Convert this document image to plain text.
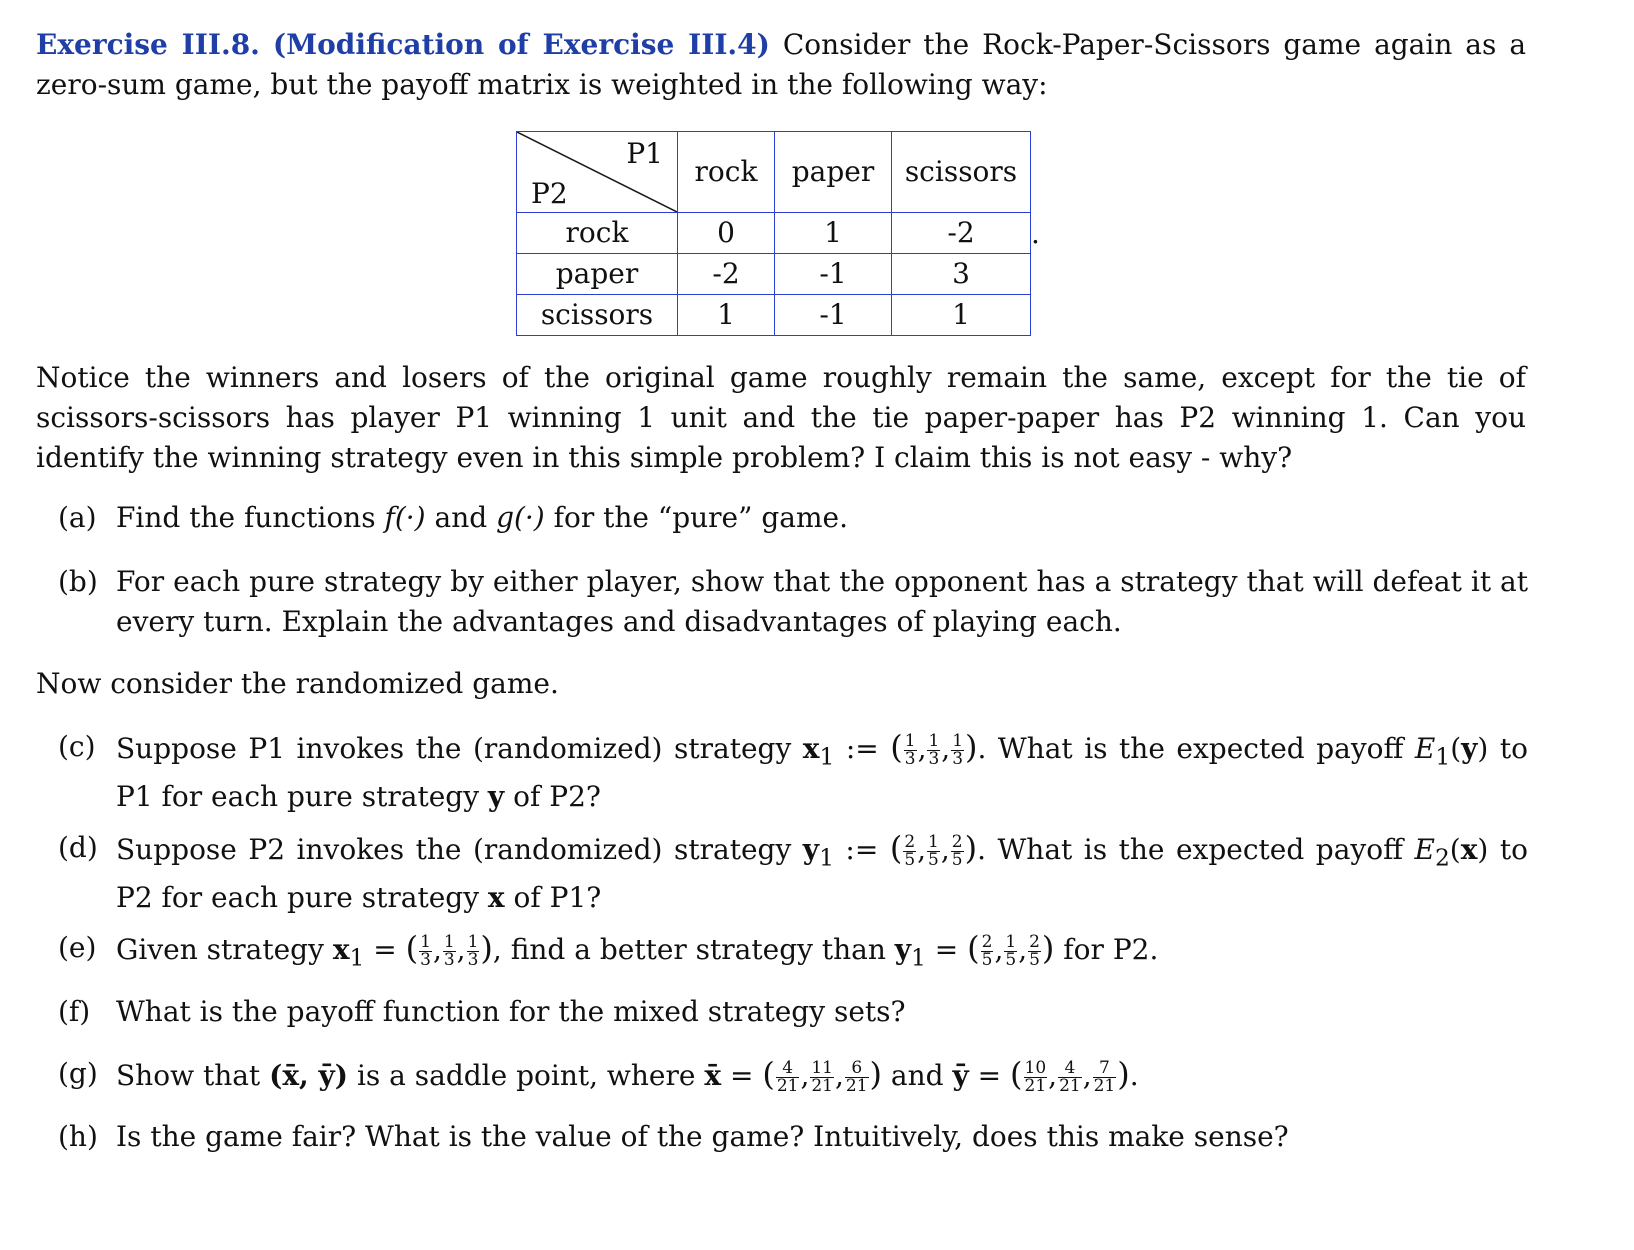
Exercise III.8. (Modification of Exercise III.4) Consider the Rock-Paper-Scissors game again as a zero-sum game, but the payoff matrix is weighted in the following way:
P1
P2	rock	paper	scissors
rock	0	1	-2
paper	-2	-1	3
scissors	1	-1	1
.
Notice the winners and losers of the original game roughly remain the same, except for the tie of scissors-scissors has player P1 winning 1 unit and the tie paper-paper has P2 winning 1. Can you identify the winning strategy even in this simple problem? I claim this is not easy - why?
(a) Find the functions f(·) and g(·) for the “pure” game.
(b) For each pure strategy by either player, show that the opponent has a strategy that will defeat it at every turn. Explain the advantages and disadvantages of playing each.
Now consider the randomized game.
(c) Suppose P1 invokes the (randomized) strategy $x_1$ := ( $\frac{1}{3}$ , $\frac{1}{3}$ , $\frac{1}{3}$ ). What is the expected payoff $E_1(y)$ to P1 for each pure strategy y of P2?
(d) Suppose P2 invokes the (randomized) strategy $y_1$ := ( $\frac{2}{5}$ , $\frac{1}{5}$ , $\frac{2}{5}$ ). What is the expected payoff $E_2(x)$ to P2 for each pure strategy x of P1?
(e) Given strategy $x_1$ = ( $\frac{1}{3}$ , $\frac{1}{3}$ , $\frac{1}{3}$ ), find a better strategy than $y_1$ = ( $\frac{2}{5}$ , $\frac{1}{5}$ , $\frac{2}{5}$ ) for P2.
(f) What is the payoff function for the mixed strategy sets?
(g) Show that (x̄, ȳ) is a saddle point, where x̄ = ( $\frac{4}{21}$ , $\frac{11}{21}$ , $\frac{6}{21}$ ) and ȳ = ( $\frac{10}{21}$ , $\frac{4}{21}$ , $\frac{7}{21}$ ).
(h) Is the game fair? What is the value of the game? Intuitively, does this make sense?
